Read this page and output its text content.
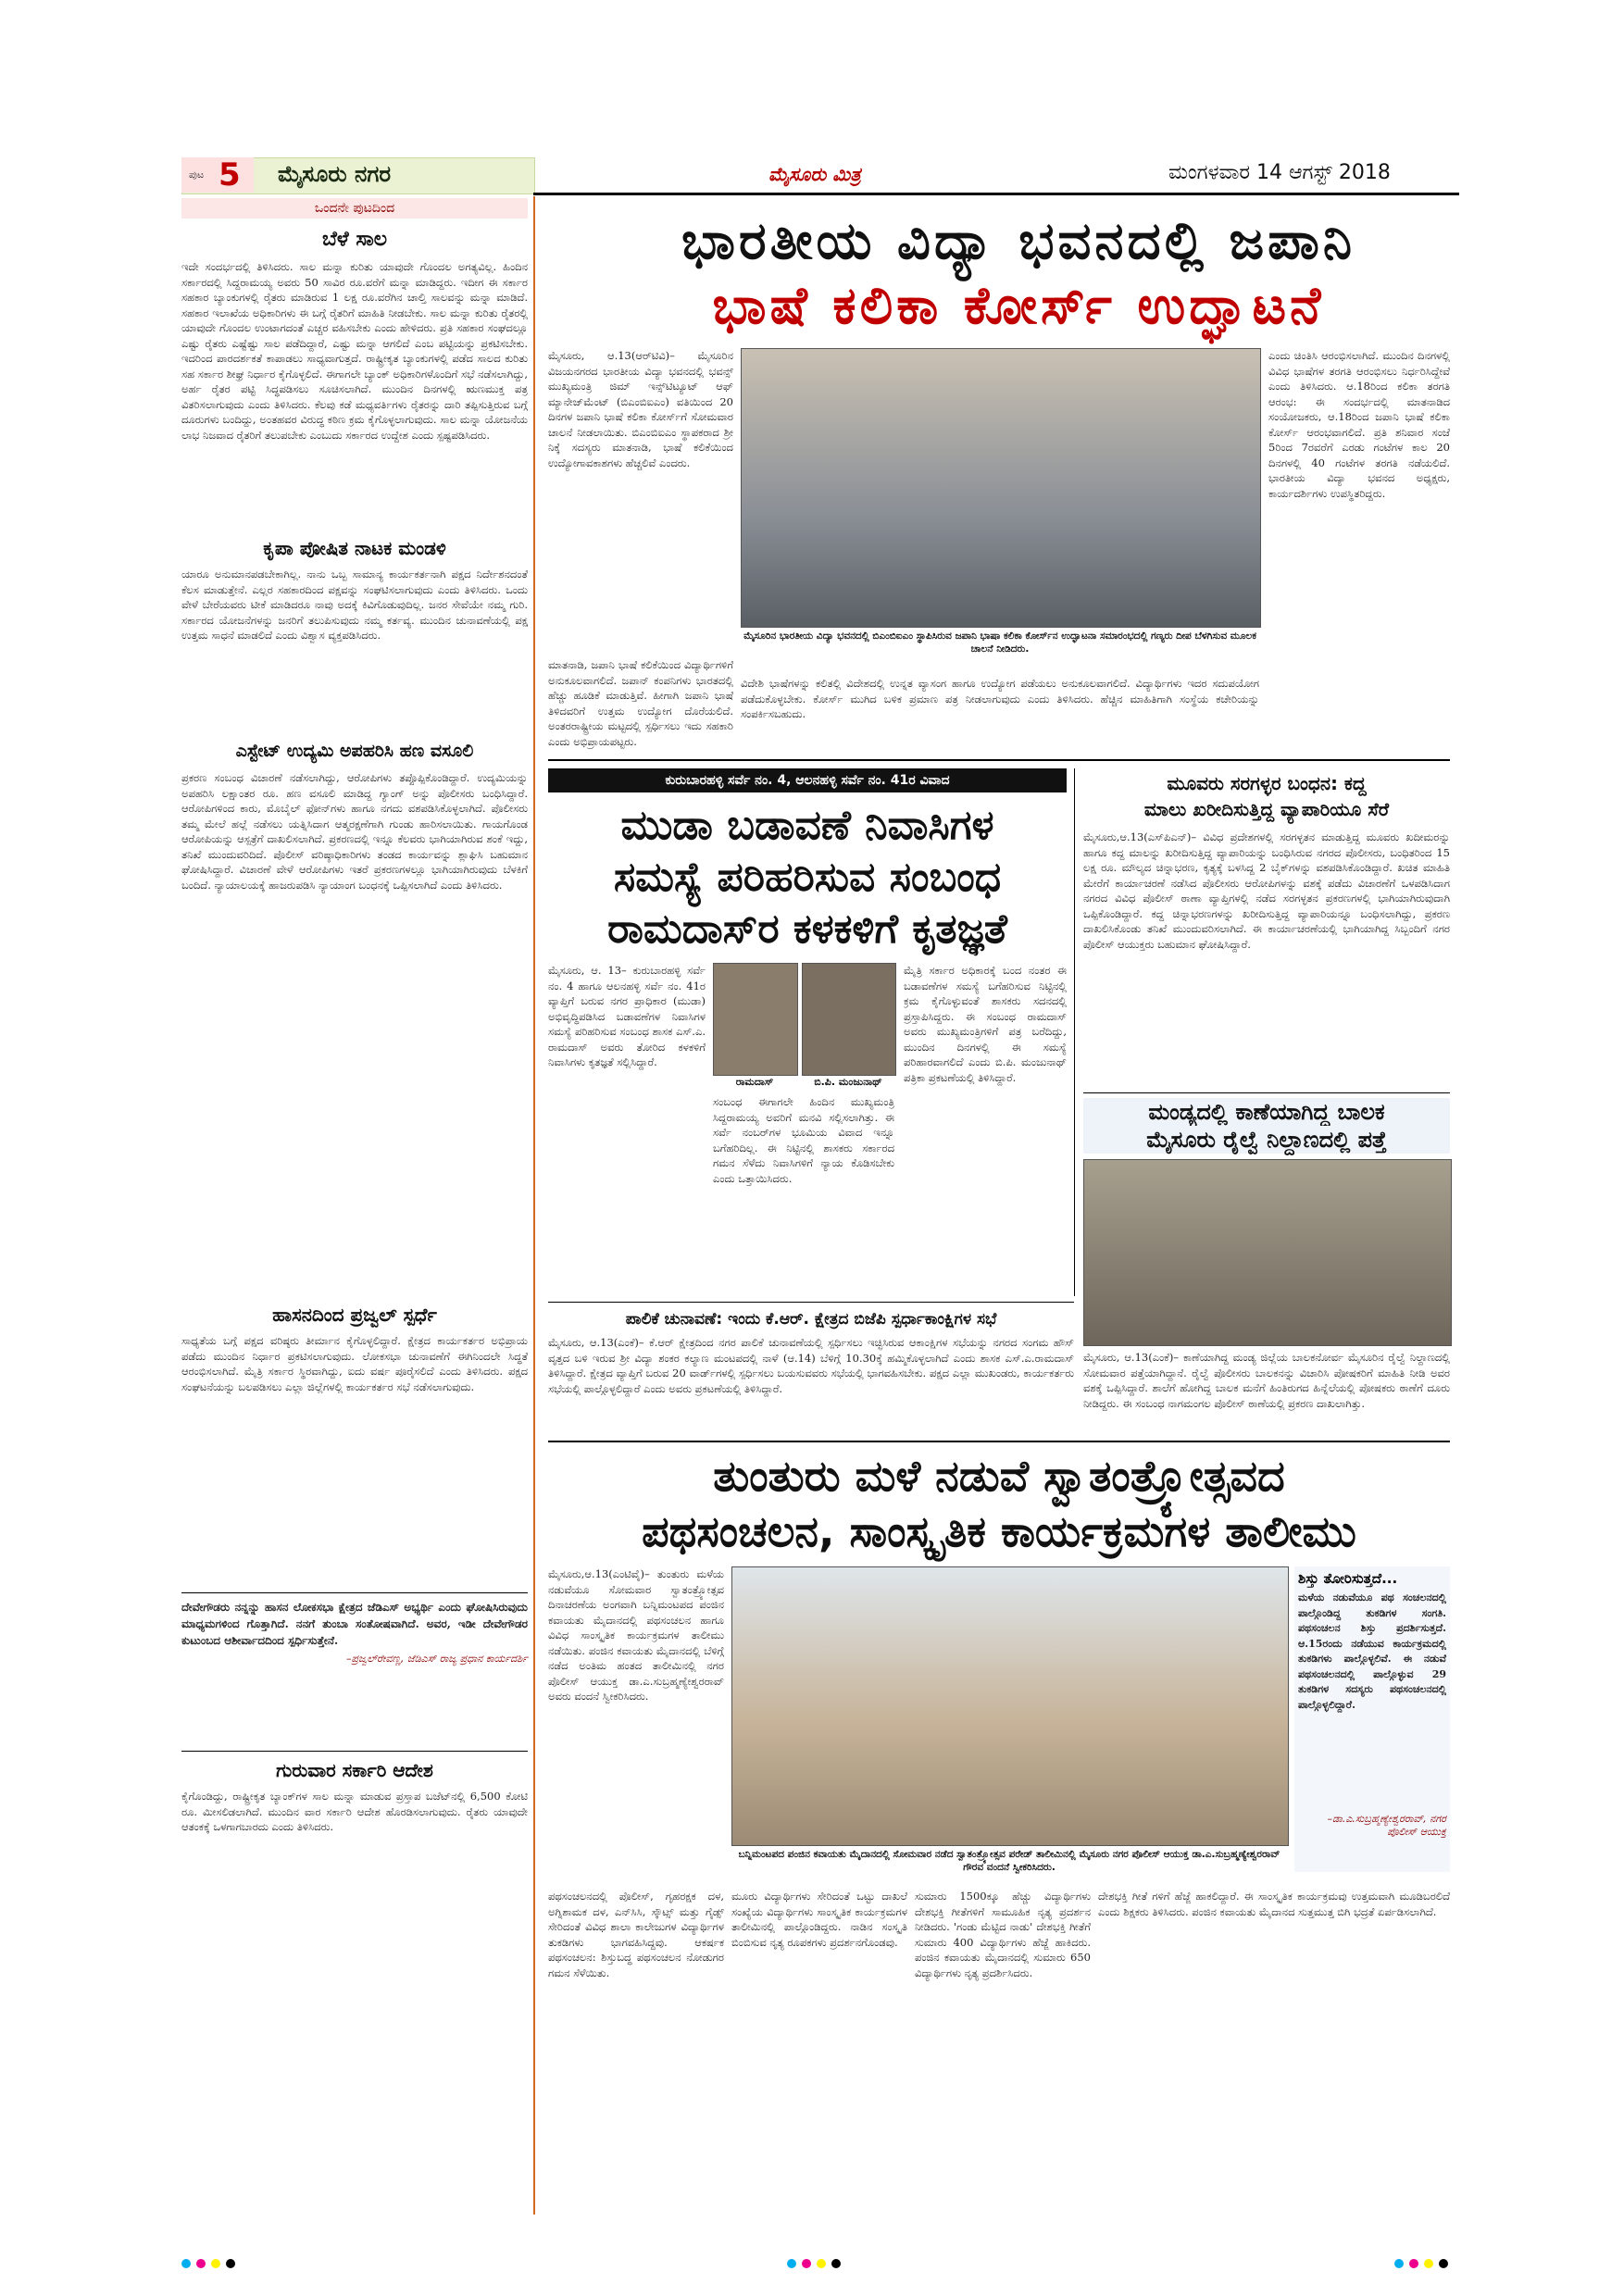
ಪುಟ 5 ಮೈಸೂರು ನಗರ	ಮೈಸೂರು ಮಿತ್ರ	ಮಂಗಳವಾರ 14 ಆಗಸ್ಟ್ 2018
ಒಂದನೇ ಪುಟದಿಂದ
ಬೆಳೆ ಸಾಲ
ಇದೇ ಸಂದರ್ಭದಲ್ಲಿ ತಿಳಿಸಿದರು. ಸಾಲ ಮನ್ನಾ ಕುರಿತು ಯಾವುದೇ ಗೊಂದಲ ಅಗತ್ಯವಿಲ್ಲ. ಹಿಂದಿನ ಸರ್ಕಾರದಲ್ಲಿ ಸಿದ್ದರಾಮಯ್ಯ ಅವರು 50 ಸಾವಿರ ರೂ.ವರೆಗೆ ಮನ್ನಾ ಮಾಡಿದ್ದರು. ಇದೀಗ ಈ ಸರ್ಕಾರ ಸಹಕಾರ ಬ್ಯಾಂಕುಗಳಲ್ಲಿ ರೈತರು ಮಾಡಿರುವ 1 ಲಕ್ಷ ರೂ.ವರೆಗಿನ ಚಾಲ್ತಿ ಸಾಲವನ್ನು ಮನ್ನಾ ಮಾಡಿದೆ. ಸಹಕಾರ ಇಲಾಖೆಯ ಅಧಿಕಾರಿಗಳು ಈ ಬಗ್ಗೆ ರೈತರಿಗೆ ಮಾಹಿತಿ ನೀಡಬೇಕು. ಸಾಲ ಮನ್ನಾ ಕುರಿತು ರೈತರಲ್ಲಿ ಯಾವುದೇ ಗೊಂದಲ ಉಂಟಾಗದಂತೆ ಎಚ್ಚರ ವಹಿಸಬೇಕು ಎಂದು ಹೇಳಿದರು. ಪ್ರತಿ ಸಹಕಾರ ಸಂಘದಲ್ಲೂ ಎಷ್ಟು ರೈತರು ಎಷ್ಟೆಷ್ಟು ಸಾಲ ಪಡೆದಿದ್ದಾರೆ, ಎಷ್ಟು ಮನ್ನಾ ಆಗಲಿದೆ ಎಂಬ ಪಟ್ಟಿಯನ್ನು ಪ್ರಕಟಿಸಬೇಕು. ಇದರಿಂದ ಪಾರದರ್ಶಕತೆ ಕಾಪಾಡಲು ಸಾಧ್ಯವಾಗುತ್ತದೆ. ರಾಷ್ಟ್ರೀಕೃತ ಬ್ಯಾಂಕುಗಳಲ್ಲಿ ಪಡೆದ ಸಾಲದ ಕುರಿತು ಸಹ ಸರ್ಕಾರ ಶೀಘ್ರ ನಿರ್ಧಾರ ಕೈಗೊಳ್ಳಲಿದೆ. ಈಗಾಗಲೇ ಬ್ಯಾಂಕ್ ಅಧಿಕಾರಿಗಳೊಂದಿಗೆ ಸಭೆ ನಡೆಸಲಾಗಿದ್ದು, ಅರ್ಹ ರೈತರ ಪಟ್ಟಿ ಸಿದ್ಧಪಡಿಸಲು ಸೂಚಿಸಲಾಗಿದೆ. ಮುಂದಿನ ದಿನಗಳಲ್ಲಿ ಋಣಮುಕ್ತ ಪತ್ರ ವಿತರಿಸಲಾಗುವುದು ಎಂದು ತಿಳಿಸಿದರು. ಕೆಲವು ಕಡೆ ಮಧ್ಯವರ್ತಿಗಳು ರೈತರನ್ನು ದಾರಿ ತಪ್ಪಿಸುತ್ತಿರುವ ಬಗ್ಗೆ ದೂರುಗಳು ಬಂದಿದ್ದು, ಅಂತಹವರ ವಿರುದ್ಧ ಕಠಿಣ ಕ್ರಮ ಕೈಗೊಳ್ಳಲಾಗುವುದು. ಸಾಲ ಮನ್ನಾ ಯೋಜನೆಯ ಲಾಭ ನಿಜವಾದ ರೈತರಿಗೆ ತಲುಪಬೇಕು ಎಂಬುದು ಸರ್ಕಾರದ ಉದ್ದೇಶ ಎಂದು ಸ್ಪಷ್ಟಪಡಿಸಿದರು.
ಕೃಪಾ ಪೋಷಿತ ನಾಟಕ ಮಂಡಳಿ
ಯಾರೂ ಅನುಮಾನಪಡಬೇಕಾಗಿಲ್ಲ. ನಾನು ಒಬ್ಬ ಸಾಮಾನ್ಯ ಕಾರ್ಯಕರ್ತನಾಗಿ ಪಕ್ಷದ ನಿರ್ದೇಶನದಂತೆ ಕೆಲಸ ಮಾಡುತ್ತೇನೆ. ಎಲ್ಲರ ಸಹಕಾರದಿಂದ ಪಕ್ಷವನ್ನು ಸಂಘಟಿಸಲಾಗುವುದು ಎಂದು ತಿಳಿಸಿದರು. ಒಂದು ವೇಳೆ ಬೇರೆಯವರು ಟೀಕೆ ಮಾಡಿದರೂ ನಾವು ಅದಕ್ಕೆ ಕಿವಿಗೊಡುವುದಿಲ್ಲ. ಜನರ ಸೇವೆಯೇ ನಮ್ಮ ಗುರಿ. ಸರ್ಕಾರದ ಯೋಜನೆಗಳನ್ನು ಜನರಿಗೆ ತಲುಪಿಸುವುದು ನಮ್ಮ ಕರ್ತವ್ಯ. ಮುಂದಿನ ಚುನಾವಣೆಯಲ್ಲಿ ಪಕ್ಷ ಉತ್ತಮ ಸಾಧನೆ ಮಾಡಲಿದೆ ಎಂದು ವಿಶ್ವಾಸ ವ್ಯಕ್ತಪಡಿಸಿದರು.
ಎಸ್ಟೇಟ್ ಉದ್ಯಮಿ ಅಪಹರಿಸಿ ಹಣ ವಸೂಲಿ
ಪ್ರಕರಣ ಸಂಬಂಧ ವಿಚಾರಣೆ ನಡೆಸಲಾಗಿದ್ದು, ಆರೋಪಿಗಳು ತಪ್ಪೊಪ್ಪಿಕೊಂಡಿದ್ದಾರೆ. ಉದ್ಯಮಿಯನ್ನು ಅಪಹರಿಸಿ ಲಕ್ಷಾಂತರ ರೂ. ಹಣ ವಸೂಲಿ ಮಾಡಿದ್ದ ಗ್ಯಾಂಗ್ ಅನ್ನು ಪೊಲೀಸರು ಬಂಧಿಸಿದ್ದಾರೆ. ಆರೋಪಿಗಳಿಂದ ಕಾರು, ಮೊಬೈಲ್ ಫೋನ್‌ಗಳು ಹಾಗೂ ನಗದು ವಶಪಡಿಸಿಕೊಳ್ಳಲಾಗಿದೆ. ಪೊಲೀಸರು ತಮ್ಮ ಮೇಲೆ ಹಲ್ಲೆ ನಡೆಸಲು ಯತ್ನಿಸಿದಾಗ ಆತ್ಮರಕ್ಷಣೆಗಾಗಿ ಗುಂಡು ಹಾರಿಸಲಾಯಿತು. ಗಾಯಗೊಂಡ ಆರೋಪಿಯನ್ನು ಆಸ್ಪತ್ರೆಗೆ ದಾಖಲಿಸಲಾಗಿದೆ. ಪ್ರಕರಣದಲ್ಲಿ ಇನ್ನೂ ಕೆಲವರು ಭಾಗಿಯಾಗಿರುವ ಶಂಕೆ ಇದ್ದು, ತನಿಖೆ ಮುಂದುವರಿದಿದೆ. ಪೊಲೀಸ್ ವರಿಷ್ಠಾಧಿಕಾರಿಗಳು ತಂಡದ ಕಾರ್ಯವನ್ನು ಶ್ಲಾಘಿಸಿ ಬಹುಮಾನ ಘೋಷಿಸಿದ್ದಾರೆ. ವಿಚಾರಣೆ ವೇಳೆ ಆರೋಪಿಗಳು ಇತರೆ ಪ್ರಕರಣಗಳಲ್ಲೂ ಭಾಗಿಯಾಗಿರುವುದು ಬೆಳಕಿಗೆ ಬಂದಿದೆ. ನ್ಯಾಯಾಲಯಕ್ಕೆ ಹಾಜರುಪಡಿಸಿ ನ್ಯಾಯಾಂಗ ಬಂಧನಕ್ಕೆ ಒಪ್ಪಿಸಲಾಗಿದೆ ಎಂದು ತಿಳಿಸಿದರು.
ಹಾಸನದಿಂದ ಪ್ರಜ್ವಲ್ ಸ್ಪರ್ಧೆ
ಸಾಧ್ಯತೆಯ ಬಗ್ಗೆ ಪಕ್ಷದ ವರಿಷ್ಠರು ತೀರ್ಮಾನ ಕೈಗೊಳ್ಳಲಿದ್ದಾರೆ. ಕ್ಷೇತ್ರದ ಕಾರ್ಯಕರ್ತರ ಅಭಿಪ್ರಾಯ ಪಡೆದು ಮುಂದಿನ ನಿರ್ಧಾರ ಪ್ರಕಟಿಸಲಾಗುವುದು. ಲೋಕಸಭಾ ಚುನಾವಣೆಗೆ ಈಗಿನಿಂದಲೇ ಸಿದ್ಧತೆ ಆರಂಭಿಸಲಾಗಿದೆ. ಮೈತ್ರಿ ಸರ್ಕಾರ ಸ್ಥಿರವಾಗಿದ್ದು, ಐದು ವರ್ಷ ಪೂರೈಸಲಿದೆ ಎಂದು ತಿಳಿಸಿದರು. ಪಕ್ಷದ ಸಂಘಟನೆಯನ್ನು ಬಲಪಡಿಸಲು ಎಲ್ಲಾ ಜಿಲ್ಲೆಗಳಲ್ಲಿ ಕಾರ್ಯಕರ್ತರ ಸಭೆ ನಡೆಸಲಾಗುವುದು.
ದೇವೇಗೌಡರು ನನ್ನನ್ನು ಹಾಸನ ಲೋಕಸಭಾ ಕ್ಷೇತ್ರದ ಜೆಡಿಎಸ್ ಅಭ್ಯರ್ಥಿ ಎಂದು ಘೋಷಿಸಿರುವುದು ಮಾಧ್ಯಮಗಳಿಂದ ಗೊತ್ತಾಗಿದೆ. ನನಗೆ ತುಂಬಾ ಸಂತೋಷವಾಗಿದೆ. ಅವರ, ಇಡೀ ದೇವೇಗೌಡರ ಕುಟುಂಬದ ಆಶೀರ್ವಾದದಿಂದ ಸ್ಪರ್ಧಿಸುತ್ತೇನೆ.
–ಪ್ರಜ್ವಲ್‌ರೇವಣ್ಣ, ಜೆಡಿಎಸ್ ರಾಜ್ಯ ಪ್ರಧಾನ ಕಾರ್ಯದರ್ಶಿ
ಗುರುವಾರ ಸರ್ಕಾರಿ ಆದೇಶ
ಕೈಗೊಂಡಿದ್ದು, ರಾಷ್ಟ್ರೀಕೃತ ಬ್ಯಾಂಕ್‌ಗಳ ಸಾಲ ಮನ್ನಾ ಮಾಡುವ ಪ್ರಸ್ತಾಪ ಬಜೆಟ್‌ನಲ್ಲಿ 6,500 ಕೋಟಿ ರೂ. ಮೀಸಲಿಡಲಾಗಿದೆ. ಮುಂದಿನ ವಾರ ಸರ್ಕಾರಿ ಆದೇಶ ಹೊರಡಿಸಲಾಗುವುದು. ರೈತರು ಯಾವುದೇ ಆತಂಕಕ್ಕೆ ಒಳಗಾಗಬಾರದು ಎಂದು ತಿಳಿಸಿದರು.
ಭಾರತೀಯ ವಿದ್ಯಾ ಭವನದಲ್ಲಿ ಜಪಾನಿ
ಭಾಷೆ ಕಲಿಕಾ ಕೋರ್ಸ್ ಉದ್ಘಾಟನೆ
ಮೈಸೂರು, ಆ.13(ಆರ್‌ಟಿವಿ)– ಮೈಸೂರಿನ ವಿಜಯನಗರದ ಭಾರತೀಯ ವಿದ್ಯಾ ಭವನದಲ್ಲಿ ಭವನ್ಸ್ ಮುಖ್ಯಮಂತ್ರಿ ಜಿಮ್ ಇನ್ಸ್‌ಟಿಟ್ಯೂಟ್ ಆಫ್ ಮ್ಯಾನೇಜ್‌ಮೆಂಟ್ (ಬಿಎಂಬಿಐಎಂ) ವತಿಯಿಂದ 20 ದಿನಗಳ ಜಪಾನಿ ಭಾಷೆ ಕಲಿಕಾ ಕೋರ್ಸ್‌ಗೆ ಸೋಮವಾರ ಚಾಲನೆ ನೀಡಲಾಯಿತು. ಬಿಎಂಬಿಐಎಂ ಸ್ಥಾಪಕರಾದ ಶ್ರೀ ನಿಕ್ಕೆ ಸದಸ್ಯರು ಮಾತನಾಡಿ, ಭಾಷೆ ಕಲಿಕೆಯಿಂದ ಉದ್ಯೋಗಾವಕಾಶಗಳು ಹೆಚ್ಚಲಿವೆ ಎಂದರು.
ಮೈಸೂರಿನ ಭಾರತೀಯ ವಿದ್ಯಾ ಭವನದಲ್ಲಿ ಬಿಎಂಬಿಐಎಂ ಸ್ಥಾಪಿಸಿರುವ ಜಪಾನಿ ಭಾಷಾ ಕಲಿಕಾ ಕೋರ್ಸ್‌ನ ಉದ್ಘಾಟನಾ ಸಮಾರಂಭದಲ್ಲಿ ಗಣ್ಯರು ದೀಪ ಬೆಳಗಿಸುವ ಮೂಲಕ ಚಾಲನೆ ನೀಡಿದರು.
ಎಂದು ಚಿಂತಿಸಿ ಆರಂಭಿಸಲಾಗಿದೆ. ಮುಂದಿನ ದಿನಗಳಲ್ಲಿ ವಿವಿಧ ಭಾಷೆಗಳ ತರಗತಿ ಆರಂಭಿಸಲು ನಿರ್ಧರಿಸಿದ್ದೇವೆ ಎಂದು ತಿಳಿಸಿದರು. ಆ.18ರಿಂದ ಕಲಿಕಾ ತರಗತಿ ಆರಂಭ: ಈ ಸಂದರ್ಭದಲ್ಲಿ ಮಾತನಾಡಿದ ಸಂಯೋಜಕರು, ಆ.18ರಿಂದ ಜಪಾನಿ ಭಾಷೆ ಕಲಿಕಾ ಕೋರ್ಸ್ ಆರಂಭವಾಗಲಿದೆ. ಪ್ರತಿ ಶನಿವಾರ ಸಂಜೆ 5ರಿಂದ 7ರವರೆಗೆ ಎರಡು ಗಂಟೆಗಳ ಕಾಲ 20 ದಿನಗಳಲ್ಲಿ 40 ಗಂಟೆಗಳ ತರಗತಿ ನಡೆಯಲಿದೆ. ಭಾರತೀಯ ವಿದ್ಯಾ ಭವನದ ಅಧ್ಯಕ್ಷರು, ಕಾರ್ಯದರ್ಶಿಗಳು ಉಪಸ್ಥಿತರಿದ್ದರು.
ಮಾತನಾಡಿ, ಜಪಾನಿ ಭಾಷೆ ಕಲಿಕೆಯಿಂದ ವಿದ್ಯಾರ್ಥಿಗಳಿಗೆ ಅನುಕೂಲವಾಗಲಿದೆ. ಜಪಾನ್ ಕಂಪನಿಗಳು ಭಾರತದಲ್ಲಿ ಹೆಚ್ಚು ಹೂಡಿಕೆ ಮಾಡುತ್ತಿವೆ. ಹೀಗಾಗಿ ಜಪಾನಿ ಭಾಷೆ ತಿಳಿದವರಿಗೆ ಉತ್ತಮ ಉದ್ಯೋಗ ದೊರೆಯಲಿದೆ. ಅಂತರರಾಷ್ಟ್ರೀಯ ಮಟ್ಟದಲ್ಲಿ ಸ್ಪರ್ಧಿಸಲು ಇದು ಸಹಕಾರಿ ಎಂದು ಅಭಿಪ್ರಾಯಪಟ್ಟರು.
ವಿದೇಶಿ ಭಾಷೆಗಳನ್ನು ಕಲಿತಲ್ಲಿ ವಿದೇಶದಲ್ಲಿ ಉನ್ನತ ವ್ಯಾಸಂಗ ಹಾಗೂ ಉದ್ಯೋಗ ಪಡೆಯಲು ಅನುಕೂಲವಾಗಲಿದೆ. ವಿದ್ಯಾರ್ಥಿಗಳು ಇದರ ಸದುಪಯೋಗ ಪಡೆದುಕೊಳ್ಳಬೇಕು. ಕೋರ್ಸ್ ಮುಗಿದ ಬಳಿಕ ಪ್ರಮಾಣ ಪತ್ರ ನೀಡಲಾಗುವುದು ಎಂದು ತಿಳಿಸಿದರು. ಹೆಚ್ಚಿನ ಮಾಹಿತಿಗಾಗಿ ಸಂಸ್ಥೆಯ ಕಚೇರಿಯನ್ನು ಸಂಪರ್ಕಿಸಬಹುದು.
ಕುರುಬಾರಹಳ್ಳಿ ಸರ್ವೆ ನಂ. 4, ಆಲನಹಳ್ಳಿ ಸರ್ವೆ ನಂ. 41ರ ವಿವಾದ
ಮುಡಾ ಬಡಾವಣೆ ನಿವಾಸಿಗಳ
ಸಮಸ್ಯೆ ಪರಿಹರಿಸುವ ಸಂಬಂಧ
ರಾಮದಾಸ್‌ರ ಕಳಕಳಿಗೆ ಕೃತಜ್ಞತೆ
ಮೈಸೂರು, ಆ. 13– ಕುರುಬಾರಹಳ್ಳಿ ಸರ್ವೆ ನಂ. 4 ಹಾಗೂ ಆಲನಹಳ್ಳಿ ಸರ್ವೆ ನಂ. 41ರ ವ್ಯಾಪ್ತಿಗೆ ಬರುವ ನಗರ ಪ್ರಾಧಿಕಾರ (ಮುಡಾ) ಅಭಿವೃದ್ಧಿಪಡಿಸಿದ ಬಡಾವಣೆಗಳ ನಿವಾಸಿಗಳ ಸಮಸ್ಯೆ ಪರಿಹರಿಸುವ ಸಂಬಂಧ ಶಾಸಕ ಎಸ್.ಎ. ರಾಮದಾಸ್ ಅವರು ತೋರಿದ ಕಳಕಳಿಗೆ ನಿವಾಸಿಗಳು ಕೃತಜ್ಞತೆ ಸಲ್ಲಿಸಿದ್ದಾರೆ.
ರಾಮದಾಸ್	ಬಿ.ಪಿ. ಮಂಜುನಾಥ್
ಸಂಬಂಧ ಈಗಾಗಲೇ ಹಿಂದಿನ ಮುಖ್ಯಮಂತ್ರಿ ಸಿದ್ದರಾಮಯ್ಯ ಅವರಿಗೆ ಮನವಿ ಸಲ್ಲಿಸಲಾಗಿತ್ತು. ಈ ಸರ್ವೆ ನಂಬರ್‌ಗಳ ಭೂಮಿಯ ವಿವಾದ ಇನ್ನೂ ಬಗೆಹರಿದಿಲ್ಲ. ಈ ನಿಟ್ಟಿನಲ್ಲಿ ಶಾಸಕರು ಸರ್ಕಾರದ ಗಮನ ಸೆಳೆದು ನಿವಾಸಿಗಳಿಗೆ ನ್ಯಾಯ ಕೊಡಿಸಬೇಕು ಎಂದು ಒತ್ತಾಯಿಸಿದರು.
ಮೈತ್ರಿ ಸರ್ಕಾರ ಅಧಿಕಾರಕ್ಕೆ ಬಂದ ನಂತರ ಈ ಬಡಾವಣೆಗಳ ಸಮಸ್ಯೆ ಬಗೆಹರಿಸುವ ನಿಟ್ಟಿನಲ್ಲಿ ಕ್ರಮ ಕೈಗೊಳ್ಳುವಂತೆ ಶಾಸಕರು ಸದನದಲ್ಲಿ ಪ್ರಸ್ತಾಪಿಸಿದ್ದರು. ಈ ಸಂಬಂಧ ರಾಮದಾಸ್ ಅವರು ಮುಖ್ಯಮಂತ್ರಿಗಳಿಗೆ ಪತ್ರ ಬರೆದಿದ್ದು, ಮುಂದಿನ ದಿನಗಳಲ್ಲಿ ಈ ಸಮಸ್ಯೆ ಪರಿಹಾರವಾಗಲಿದೆ ಎಂದು ಬಿ.ಪಿ. ಮಂಜುನಾಥ್ ಪತ್ರಿಕಾ ಪ್ರಕಟಣೆಯಲ್ಲಿ ತಿಳಿಸಿದ್ದಾರೆ.
ಮೂವರು ಸರಗಳ್ಳರ ಬಂಧನ: ಕದ್ದ
ಮಾಲು ಖರೀದಿಸುತ್ತಿದ್ದ ವ್ಯಾಪಾರಿಯೂ ಸೆರೆ
ಮೈಸೂರು,ಆ.13(ಎಸ್‌ಪಿಎನ್)– ವಿವಿಧ ಪ್ರದೇಶಗಳಲ್ಲಿ ಸರಗಳ್ಳತನ ಮಾಡುತ್ತಿದ್ದ ಮೂವರು ಖದೀಮರನ್ನು ಹಾಗೂ ಕದ್ದ ಮಾಲನ್ನು ಖರೀದಿಸುತ್ತಿದ್ದ ವ್ಯಾಪಾರಿಯನ್ನು ಬಂಧಿಸಿರುವ ನಗರದ ಪೊಲೀಸರು, ಬಂಧಿತರಿಂದ 15 ಲಕ್ಷ ರೂ. ಮೌಲ್ಯದ ಚಿನ್ನಾಭರಣ, ಕೃತ್ಯಕ್ಕೆ ಬಳಸಿದ್ದ 2 ಬೈಕ್‌ಗಳನ್ನು ವಶಪಡಿಸಿಕೊಂಡಿದ್ದಾರೆ. ಖಚಿತ ಮಾಹಿತಿ ಮೇರೆಗೆ ಕಾರ್ಯಾಚರಣೆ ನಡೆಸಿದ ಪೊಲೀಸರು ಆರೋಪಿಗಳನ್ನು ವಶಕ್ಕೆ ಪಡೆದು ವಿಚಾರಣೆಗೆ ಒಳಪಡಿಸಿದಾಗ ನಗರದ ವಿವಿಧ ಪೊಲೀಸ್ ಠಾಣಾ ವ್ಯಾಪ್ತಿಗಳಲ್ಲಿ ನಡೆದ ಸರಗಳ್ಳತನ ಪ್ರಕರಣಗಳಲ್ಲಿ ಭಾಗಿಯಾಗಿರುವುದಾಗಿ ಒಪ್ಪಿಕೊಂಡಿದ್ದಾರೆ. ಕದ್ದ ಚಿನ್ನಾಭರಣಗಳನ್ನು ಖರೀದಿಸುತ್ತಿದ್ದ ವ್ಯಾಪಾರಿಯನ್ನೂ ಬಂಧಿಸಲಾಗಿದ್ದು, ಪ್ರಕರಣ ದಾಖಲಿಸಿಕೊಂಡು ತನಿಖೆ ಮುಂದುವರಿಸಲಾಗಿದೆ. ಈ ಕಾರ್ಯಾಚರಣೆಯಲ್ಲಿ ಭಾಗಿಯಾಗಿದ್ದ ಸಿಬ್ಬಂದಿಗೆ ನಗರ ಪೊಲೀಸ್ ಆಯುಕ್ತರು ಬಹುಮಾನ ಘೋಷಿಸಿದ್ದಾರೆ.
ಮಂಡ್ಯದಲ್ಲಿ ಕಾಣೆಯಾಗಿದ್ದ ಬಾಲಕ
ಮೈಸೂರು ರೈಲ್ವೆ ನಿಲ್ದಾಣದಲ್ಲಿ ಪತ್ತೆ
ಮೈಸೂರು, ಆ.13(ಎಂಕೆ)– ಕಾಣೆಯಾಗಿದ್ದ ಮಂಡ್ಯ ಜಿಲ್ಲೆಯ ಬಾಲಕನೋರ್ವ ಮೈಸೂರಿನ ರೈಲ್ವೆ ನಿಲ್ದಾಣದಲ್ಲಿ ಸೋಮವಾರ ಪತ್ತೆಯಾಗಿದ್ದಾನೆ. ರೈಲ್ವೆ ಪೊಲೀಸರು ಬಾಲಕನನ್ನು ವಿಚಾರಿಸಿ ಪೋಷಕರಿಗೆ ಮಾಹಿತಿ ನೀಡಿ ಅವರ ವಶಕ್ಕೆ ಒಪ್ಪಿಸಿದ್ದಾರೆ. ಶಾಲೆಗೆ ಹೋಗಿದ್ದ ಬಾಲಕ ಮನೆಗೆ ಹಿಂತಿರುಗದ ಹಿನ್ನೆಲೆಯಲ್ಲಿ ಪೋಷಕರು ಠಾಣೆಗೆ ದೂರು ನೀಡಿದ್ದರು. ಈ ಸಂಬಂಧ ನಾಗಮಂಗಲ ಪೊಲೀಸ್ ಠಾಣೆಯಲ್ಲಿ ಪ್ರಕರಣ ದಾಖಲಾಗಿತ್ತು.
ಪಾಲಿಕೆ ಚುನಾವಣೆ: ಇಂದು ಕೆ.ಆರ್. ಕ್ಷೇತ್ರದ ಬಿಜೆಪಿ ಸ್ಪರ್ಧಾಕಾಂಕ್ಷಿಗಳ ಸಭೆ
ಮೈಸೂರು, ಆ.13(ಎಂಕೆ)– ಕೆ.ಆರ್ ಕ್ಷೇತ್ರದಿಂದ ನಗರ ಪಾಲಿಕೆ ಚುನಾವಣೆಯಲ್ಲಿ ಸ್ಪರ್ಧಿಸಲು ಇಚ್ಛಿಸಿರುವ ಆಕಾಂಕ್ಷಿಗಳ ಸಭೆಯನ್ನು ನಗರದ ಸಂಗಮ ಹೌಸ್ ವೃತ್ತದ ಬಳಿ ಇರುವ ಶ್ರೀ ವಿದ್ಯಾ ಶಂಕರ ಕಲ್ಯಾಣ ಮಂಟಪದಲ್ಲಿ ನಾಳೆ (ಆ.14) ಬೆಳಿಗ್ಗೆ 10.30ಕ್ಕೆ ಹಮ್ಮಿಕೊಳ್ಳಲಾಗಿದೆ ಎಂದು ಶಾಸಕ ಎಸ್.ಎ.ರಾಮದಾಸ್ ತಿಳಿಸಿದ್ದಾರೆ. ಕ್ಷೇತ್ರದ ವ್ಯಾಪ್ತಿಗೆ ಬರುವ 20 ವಾರ್ಡ್‌ಗಳಲ್ಲಿ ಸ್ಪರ್ಧಿಸಲು ಬಯಸುವವರು ಸಭೆಯಲ್ಲಿ ಭಾಗವಹಿಸಬೇಕು. ಪಕ್ಷದ ಎಲ್ಲಾ ಮುಖಂಡರು, ಕಾರ್ಯಕರ್ತರು ಸಭೆಯಲ್ಲಿ ಪಾಲ್ಗೊಳ್ಳಲಿದ್ದಾರೆ ಎಂದು ಅವರು ಪ್ರಕಟಣೆಯಲ್ಲಿ ತಿಳಿಸಿದ್ದಾರೆ.
ತುಂತುರು ಮಳೆ ನಡುವೆ ಸ್ವಾತಂತ್ರ್ಯೋತ್ಸವದ
ಪಥಸಂಚಲನ, ಸಾಂಸ್ಕೃತಿಕ ಕಾರ್ಯಕ್ರಮಗಳ ತಾಲೀಮು
ಮೈಸೂರು,ಆ.13(ಎಂಟಿವೈ)– ತುಂತುರು ಮಳೆಯ ನಡುವೆಯೂ ಸೋಮವಾರ ಸ್ವಾತಂತ್ರ್ಯೋತ್ಸವ ದಿನಾಚರಣೆಯ ಅಂಗವಾಗಿ ಬನ್ನಿಮಂಟಪದ ಪಂಜಿನ ಕವಾಯತು ಮೈದಾನದಲ್ಲಿ ಪಥಸಂಚಲನ ಹಾಗೂ ವಿವಿಧ ಸಾಂಸ್ಕೃತಿಕ ಕಾರ್ಯಕ್ರಮಗಳ ತಾಲೀಮು ನಡೆಯಿತು. ಪಂಜಿನ ಕವಾಯತು ಮೈದಾನದಲ್ಲಿ ಬೆಳಿಗ್ಗೆ ನಡೆದ ಅಂತಿಮ ಹಂತದ ತಾಲೀಮಿನಲ್ಲಿ ನಗರ ಪೊಲೀಸ್ ಆಯುಕ್ತ ಡಾ.ಎ.ಸುಬ್ರಹ್ಮಣ್ಯೇಶ್ವರರಾವ್ ಅವರು ವಂದನೆ ಸ್ವೀಕರಿಸಿದರು.
ಬನ್ನಿಮಂಟಪದ ಪಂಜಿನ ಕವಾಯತು ಮೈದಾನದಲ್ಲಿ ಸೋಮವಾರ ನಡೆದ ಸ್ವಾತಂತ್ರ್ಯೋತ್ಸವ ಪರೇಡ್ ತಾಲೀಮಿನಲ್ಲಿ ಮೈಸೂರು ನಗರ ಪೊಲೀಸ್ ಆಯುಕ್ತ ಡಾ.ಎ.ಸುಬ್ರಹ್ಮಣ್ಯೇಶ್ವರರಾವ್ ಗೌರವ ವಂದನೆ ಸ್ವೀಕರಿಸಿದರು.
ಶಿಸ್ತು ತೋರಿಸುತ್ತದೆ...
ಮಳೆಯ ನಡುವೆಯೂ ಪಥ ಸಂಚಲನದಲ್ಲಿ ಪಾಲ್ಗೊಂಡಿದ್ದ ತುಕಡಿಗಳ ಸಂಗತಿ. ಪಥಸಂಚಲನ ಶಿಸ್ತು ಪ್ರದರ್ಶಿಸುತ್ತದೆ. ಆ.15ರಂದು ನಡೆಯುವ ಕಾರ್ಯಕ್ರಮದಲ್ಲಿ ತುಕಡಿಗಳು ಪಾಲ್ಗೊಳ್ಳಲಿವೆ. ಈ ನಡುವೆ ಪಥಸಂಚಲನದಲ್ಲಿ ಪಾಲ್ಗೊಳ್ಳುವ 29 ತುಕಡಿಗಳ ಸದಸ್ಯರು ಪಥಸಂಚಲನದಲ್ಲಿ ಪಾಲ್ಗೊಳ್ಳಲಿದ್ದಾರೆ.
–ಡಾ.ಎ.ಸುಬ್ರಹ್ಮಣ್ಯೇಶ್ವರರಾವ್, ನಗರ ಪೊಲೀಸ್ ಆಯುಕ್ತ
ಪಥಸಂಚಲನದಲ್ಲಿ ಪೊಲೀಸ್, ಗೃಹರಕ್ಷಕ ದಳ, ಅಗ್ನಿಶಾಮಕ ದಳ, ಎನ್‌ಸಿಸಿ, ಸ್ಕೌಟ್ಸ್ ಮತ್ತು ಗೈಡ್ಸ್ ಸೇರಿದಂತೆ ವಿವಿಧ ಶಾಲಾ ಕಾಲೇಜುಗಳ ವಿದ್ಯಾರ್ಥಿಗಳ ತುಕಡಿಗಳು ಭಾಗವಹಿಸಿದ್ದವು. ಆಕರ್ಷಕ ಪಥಸಂಚಲನ: ಶಿಸ್ತುಬದ್ಧ ಪಥಸಂಚಲನ ನೋಡುಗರ ಗಮನ ಸೆಳೆಯಿತು.
ಮೂರು ವಿದ್ಯಾರ್ಥಿಗಳು ಸೇರಿದಂತೆ ಒಟ್ಟು ದಾಖಲೆ ಸಂಖ್ಯೆಯ ವಿದ್ಯಾರ್ಥಿಗಳು ಸಾಂಸ್ಕೃತಿಕ ಕಾರ್ಯಕ್ರಮಗಳ ತಾಲೀಮಿನಲ್ಲಿ ಪಾಲ್ಗೊಂಡಿದ್ದರು. ನಾಡಿನ ಸಂಸ್ಕೃತಿ ಬಿಂಬಿಸುವ ನೃತ್ಯ ರೂಪಕಗಳು ಪ್ರದರ್ಶನಗೊಂಡವು.
ಸುಮಾರು 1500ಕ್ಕೂ ಹೆಚ್ಚು ವಿದ್ಯಾರ್ಥಿಗಳು ದೇಶಭಕ್ತಿ ಗೀತೆಗಳಿಗೆ ಸಾಮೂಹಿಕ ನೃತ್ಯ ಪ್ರದರ್ಶನ ನೀಡಿದರು. 'ಗಂಡು ಮೆಟ್ಟಿದ ನಾಡು' ದೇಶಭಕ್ತಿ ಗೀತೆಗೆ ಸುಮಾರು 400 ವಿದ್ಯಾರ್ಥಿಗಳು ಹೆಜ್ಜೆ ಹಾಕಿದರು. ಪಂಜಿನ ಕವಾಯತು ಮೈದಾನದಲ್ಲಿ ಸುಮಾರು 650 ವಿದ್ಯಾರ್ಥಿಗಳು ನೃತ್ಯ ಪ್ರದರ್ಶಿಸಿದರು.
ದೇಶಭಕ್ತಿ ಗೀತೆ ಗಳಿಗೆ ಹೆಜ್ಜೆ ಹಾಕಲಿದ್ದಾರೆ. ಈ ಸಾಂಸ್ಕೃತಿಕ ಕಾರ್ಯಕ್ರಮವು ಉತ್ತಮವಾಗಿ ಮೂಡಿಬರಲಿದೆ ಎಂದು ಶಿಕ್ಷಕರು ತಿಳಿಸಿದರು. ಪಂಜಿನ ಕವಾಯತು ಮೈದಾನದ ಸುತ್ತಮುತ್ತ ಬಿಗಿ ಭದ್ರತೆ ಏರ್ಪಡಿಸಲಾಗಿದೆ.
